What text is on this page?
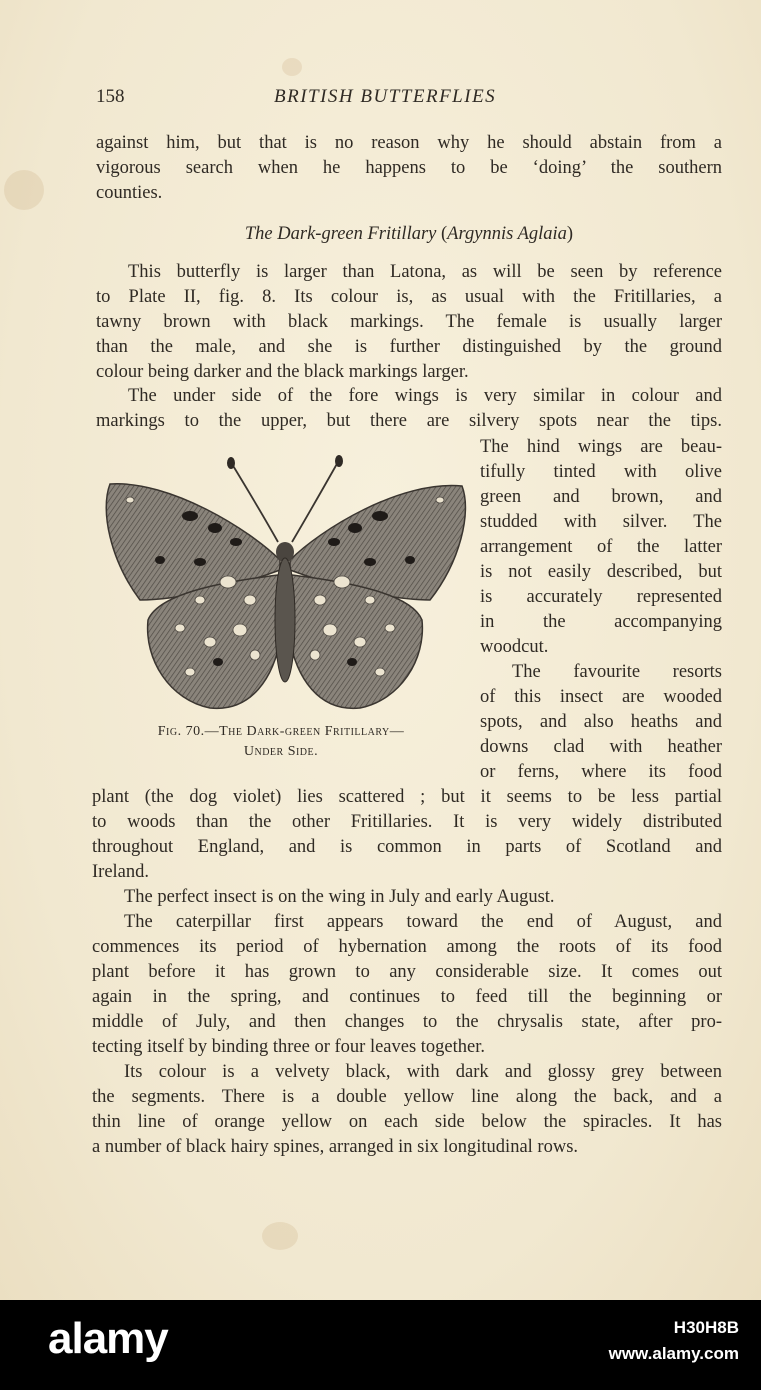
158	BRITISH BUTTERFLIES
against him, but that is no reason why he should abstain from a
vigorous search when he happens to be ‘doing’ the southern
counties.
The Dark-green Fritillary (Argynnis Aglaia)
This butterfly is larger than Latona, as will be seen by reference
to Plate II, fig. 8. Its colour is, as usual with the Fritillaries, a
tawny brown with black markings. The female is usually larger
than the male, and she is further distinguished by the ground
colour being darker and the black markings larger.
The under side of the fore wings is very similar in colour and
markings to the upper, but there are silvery spots near the tips.
The hind wings are beau-
tifully tinted with olive
green and brown, and
studded with silver. The
arrangement of the latter
is not easily described, but
is accurately represented
in the accompanying
woodcut.
The favourite resorts
of this insect are wooded
spots, and also heaths and
downs clad with heather
or ferns, where its food
Fig. 70.—The Dark-green Fritillary—
Under Side.
plant (the dog violet) lies scattered ; but it seems to be less partial
to woods than the other Fritillaries. It is very widely distributed
throughout England, and is common in parts of Scotland and
Ireland.
The perfect insect is on the wing in July and early August.
The caterpillar first appears toward the end of August, and
commences its period of hybernation among the roots of its food
plant before it has grown to any considerable size. It comes out
again in the spring, and continues to feed till the beginning or
middle of July, and then changes to the chrysalis state, after pro-
tecting itself by binding three or four leaves together.
Its colour is a velvety black, with dark and glossy grey between
the segments. There is a double yellow line along the back, and a
thin line of orange yellow on each side below the spiracles. It has
a number of black hairy spines, arranged in six longitudinal rows.
alamy	H30H8B
www.alamy.com
